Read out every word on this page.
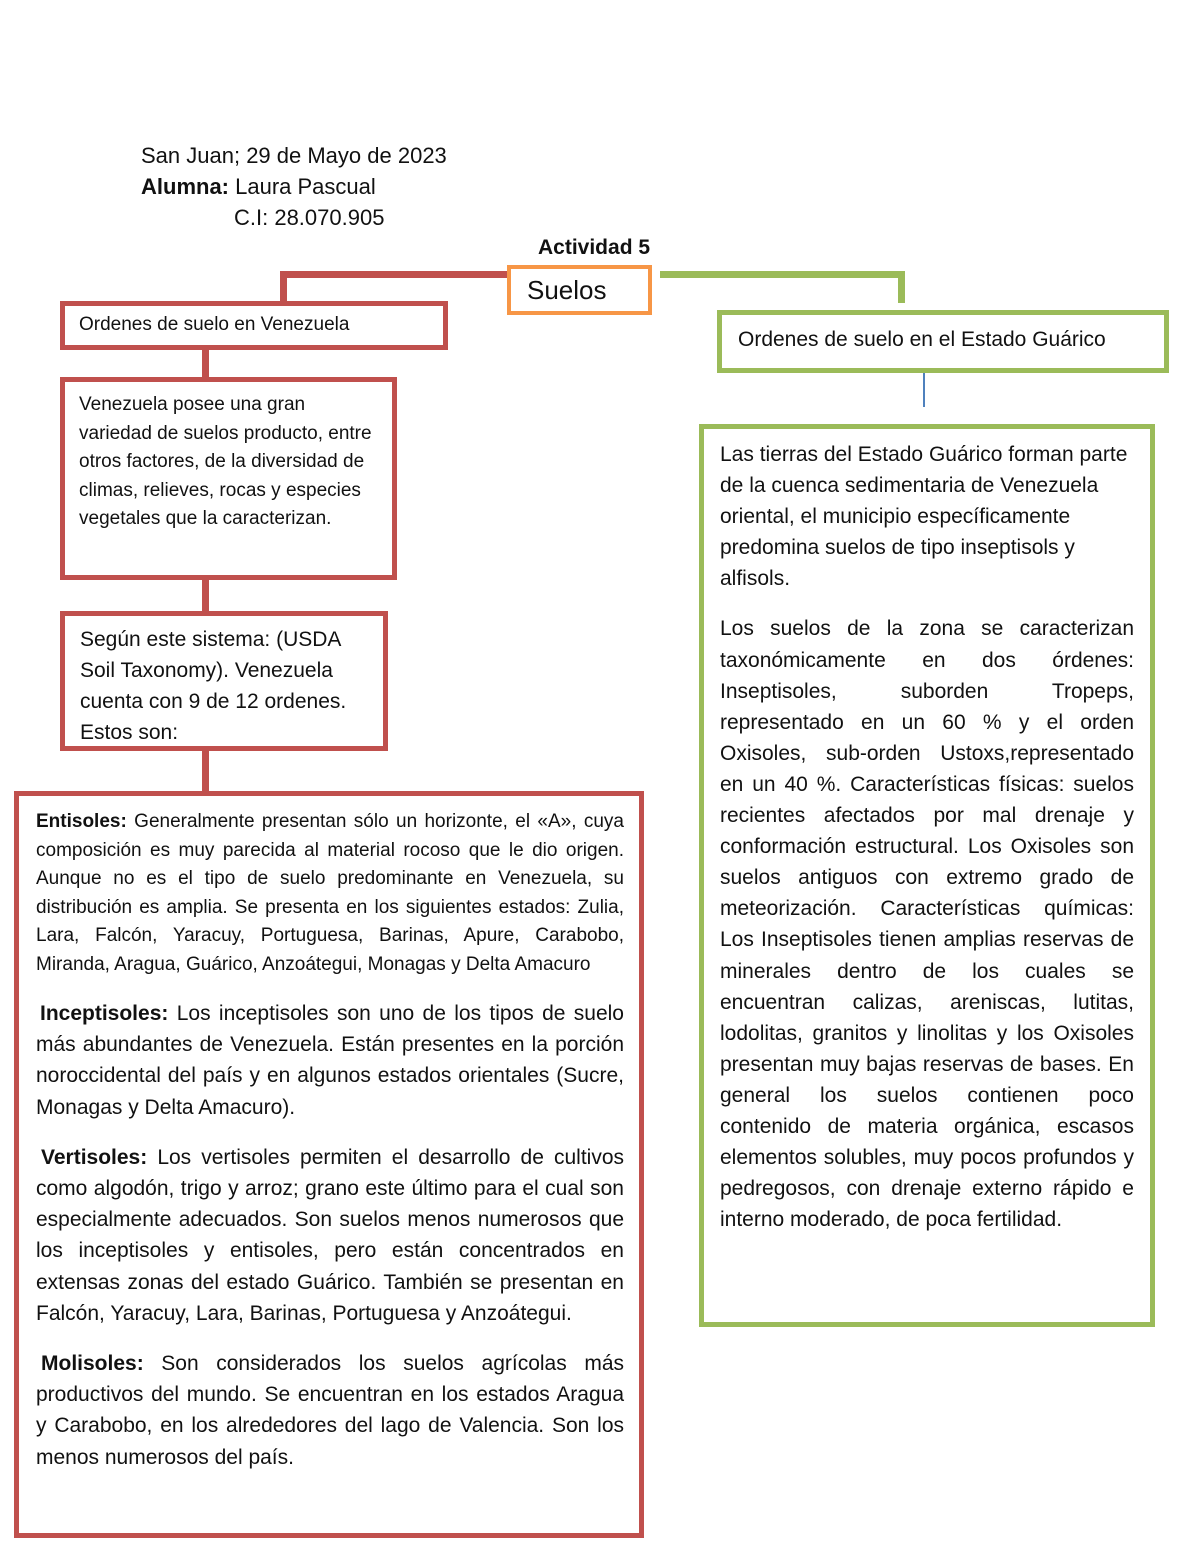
San Juan; 29 de Mayo de 2023
Alumna: Laura Pascual
C.I: 28.070.905
Actividad 5
Suelos
Ordenes de suelo en Venezuela

Venezuela posee una gran variedad de suelos producto, entre otros factores, de la diversidad de climas, relieves, rocas y especies vegetales que la caracterizan.

Según este sistema: (USDA Soil Taxonomy). Venezuela cuenta con 9 de 12 ordenes. Estos son:

Entisoles: Generalmente presentan sólo un horizonte, el «A», cuya composición es muy parecida al material rocoso que le dio origen. Aunque no es el tipo de suelo predominante en Venezuela, su distribución es amplia. Se presenta en los siguientes estados: Zulia, Lara, Falcón, Yaracuy, Portuguesa, Barinas, Apure, Carabobo, Miranda, Aragua, Guárico, Anzoátegui, Monagas y Delta Amacuro

Inceptisoles: Los inceptisoles son uno de los tipos de suelo más abundantes de Venezuela. Están presentes en la porción noroccidental del país y en algunos estados orientales (Sucre, Monagas y Delta Amacuro).

Vertisoles: Los vertisoles permiten el desarrollo de cultivos como algodón, trigo y arroz; grano este último para el cual son especialmente adecuados. Son suelos menos numerosos que los inceptisoles y entisoles, pero están concentrados en extensas zonas del estado Guárico. También se presentan en Falcón, Yaracuy, Lara, Barinas, Portuguesa y Anzoátegui.

Molisoles: Son considerados los suelos agrícolas más productivos del mundo. Se encuentran en los estados Aragua y Carabobo, en los alrededores del lago de Valencia. Son los menos numerosos del país.

Ordenes de suelo en el Estado Guárico

Las tierras del Estado Guárico forman parte de la cuenca sedimentaria de Venezuela oriental, el municipio específicamente predomina suelos de tipo inseptisols y alfisols.

Los suelos de la zona se caracterizan taxonómicamente en dos órdenes: Inseptisoles, suborden Tropeps, representado en un 60 % y el orden Oxisoles, sub-orden Ustoxs,representado en un 40 %. Características físicas: suelos recientes afectados por mal drenaje y conformación estructural. Los Oxisoles son suelos antiguos con extremo grado de meteorización. Características químicas: Los Inseptisoles tienen amplias reservas de minerales dentro de los cuales se encuentran calizas, areniscas, lutitas, lodolitas, granitos y linolitas y los Oxisoles presentan muy bajas reservas de bases. En general los suelos contienen poco contenido de materia orgánica, escasos elementos solubles, muy pocos profundos y pedregosos, con drenaje externo rápido e interno moderado, de poca fertilidad.
